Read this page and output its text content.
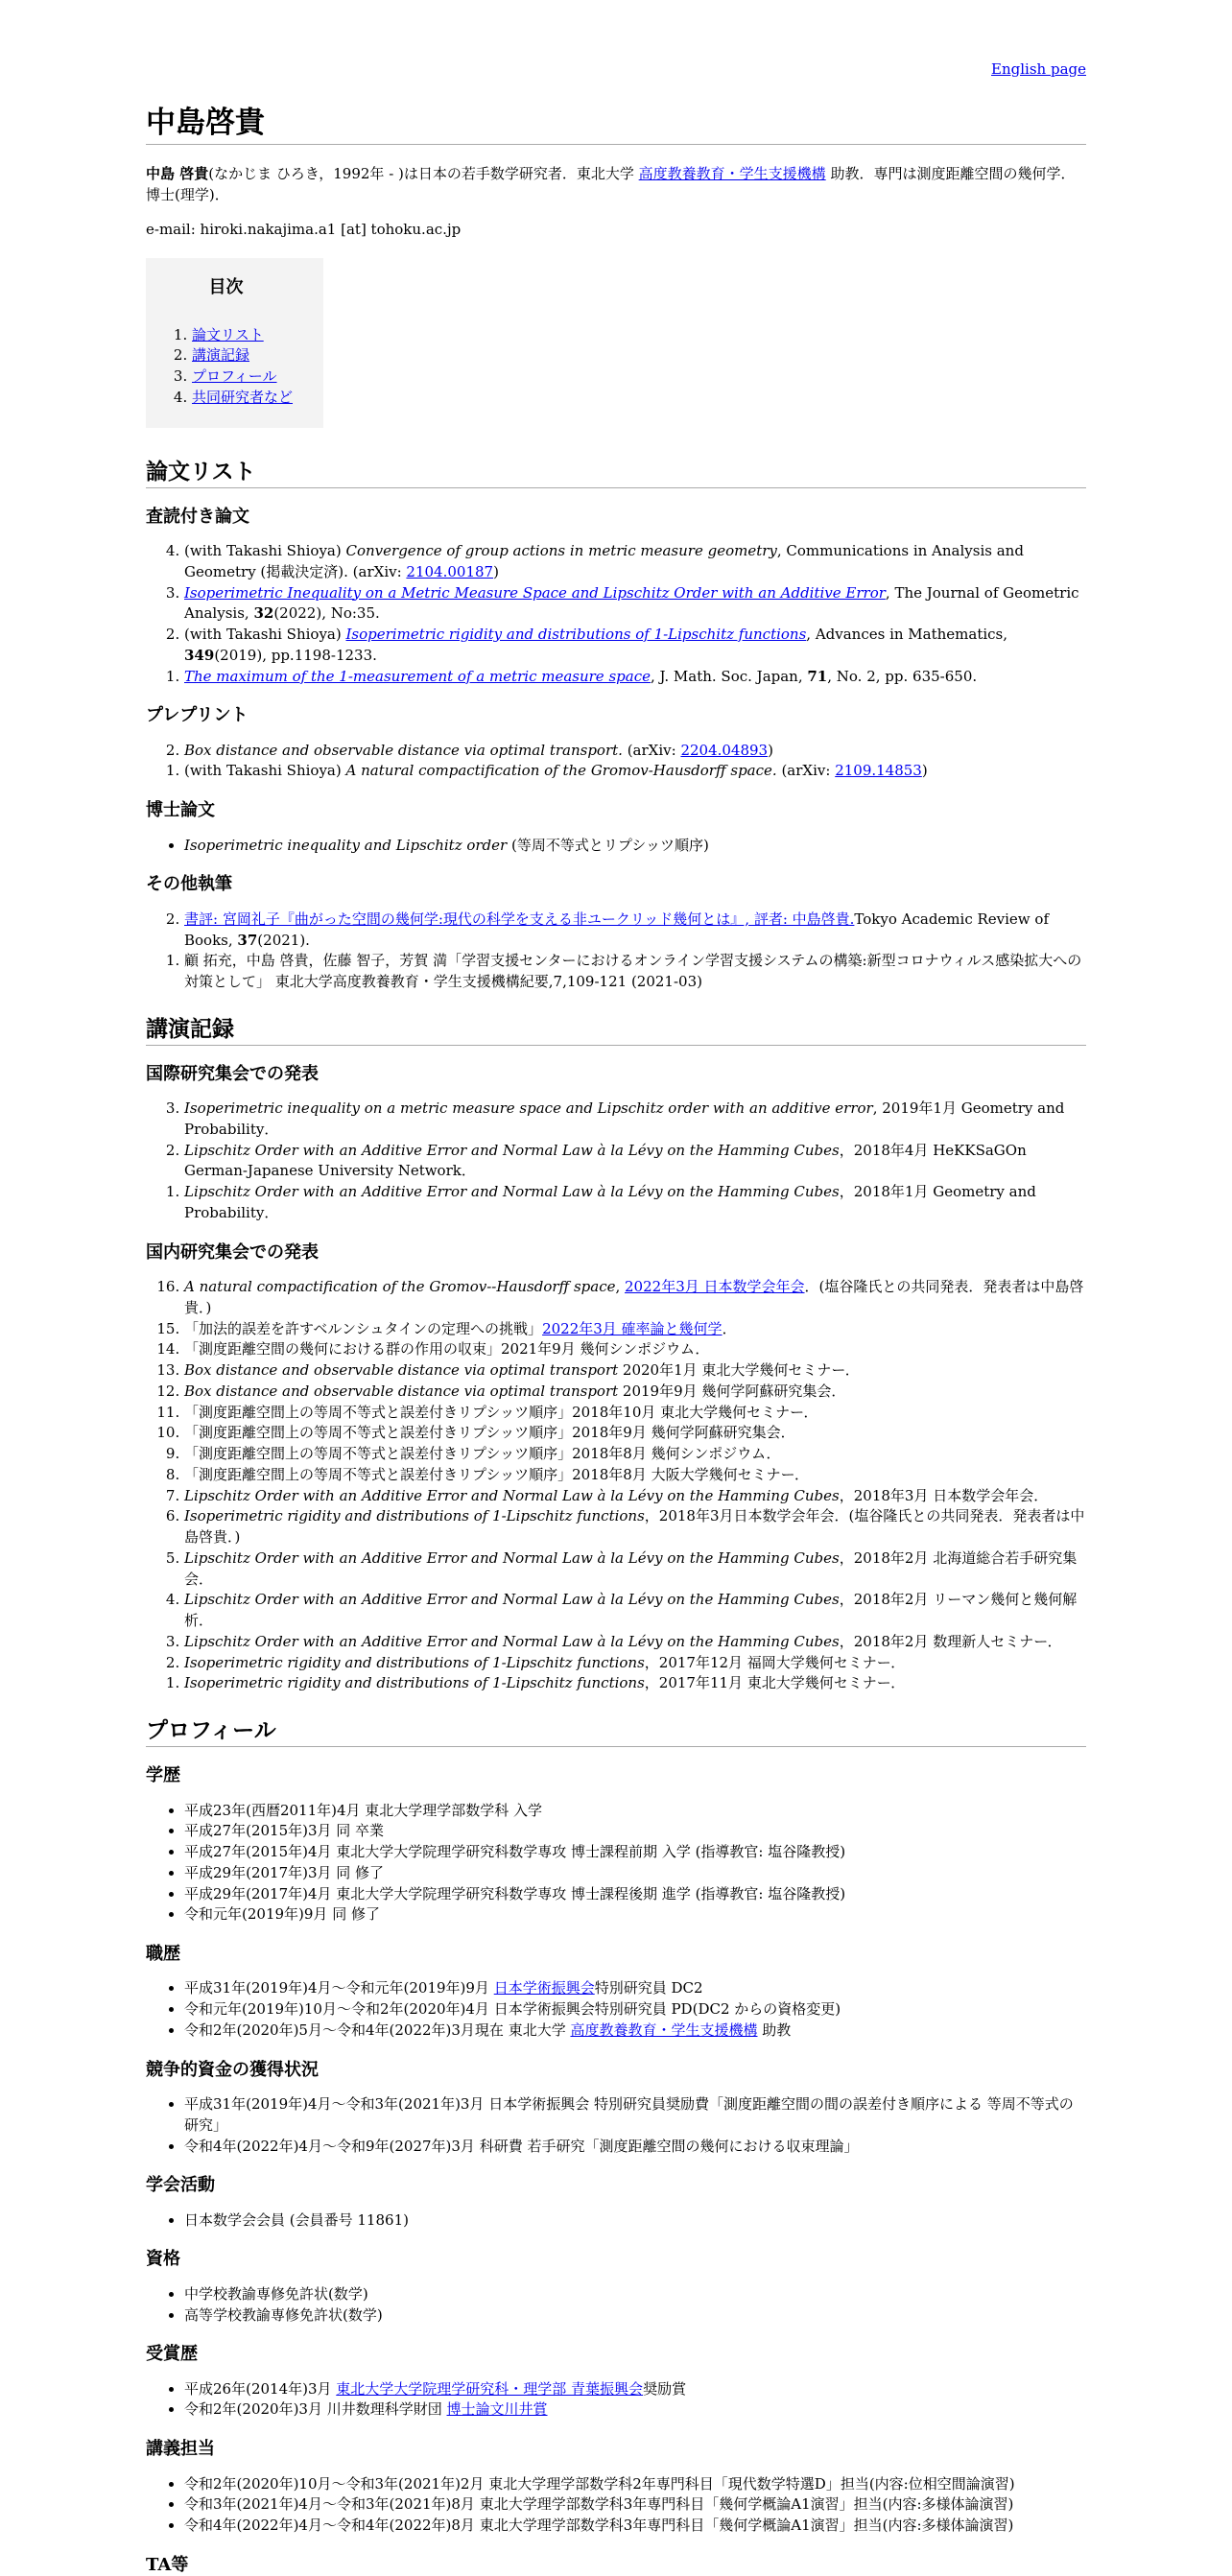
English page
中島啓貴

中島 啓貴(なかじま ひろき，1992年 - )は日本の若手数学研究者．東北大学 高度教養教育・学生支援機構 助教．専門は測度距離空間の幾何学．博士(理学)．

e-mail: hiroki.nakajima.a1 [at] tohoku.ac.jp

目次
1. 論文リスト
2. 講演記録
3. プロフィール
4. 共同研究者など
論文リスト
査読付き論文
4. (with Takashi Shioya) Convergence of group actions in metric measure geometry, Communications in Analysis and Geometry (掲載決定済). (arXiv: 2104.00187)
3. Isoperimetric Inequality on a Metric Measure Space and Lipschitz Order with an Additive Error, The Journal of Geometric Analysis, 32(2022), No:35.
2. (with Takashi Shioya) Isoperimetric rigidity and distributions of 1-Lipschitz functions, Advances in Mathematics, 349(2019), pp.1198-1233.
1. The maximum of the 1-measurement of a metric measure space, J. Math. Soc. Japan, 71, No. 2, pp. 635-650.
プレプリント
2. Box distance and observable distance via optimal transport. (arXiv: 2204.04893)
1. (with Takashi Shioya) A natural compactification of the Gromov-Hausdorff space. (arXiv: 2109.14853)
博士論文
• Isoperimetric inequality and Lipschitz order (等周不等式とリプシッツ順序)
その他執筆
2. 書評: 宮岡礼子『曲がった空間の幾何学:現代の科学を支える非ユークリッド幾何とは』, 評者: 中島啓貴.Tokyo Academic Review of Books, 37(2021).
1. 顧 拓充，中島 啓貴，佐藤 智子，芳賀 満「学習支援センターにおけるオンライン学習支援システムの構築:新型コロナウィルス感染拡大への対策として」 東北大学高度教養教育・学生支援機構紀要,7,109-121 (2021-03)
講演記録
国際研究集会での発表
3. Isoperimetric inequality on a metric measure space and Lipschitz order with an additive error, 2019年1月 Geometry and Probability．
2. Lipschitz Order with an Additive Error and Normal Law à la Lévy on the Hamming Cubes，2018年4月 HeKKSaGOn German-Japanese University Network．
1. Lipschitz Order with an Additive Error and Normal Law à la Lévy on the Hamming Cubes，2018年1月 Geometry and Probability．
国内研究集会での発表
16. A natural compactification of the Gromov--Hausdorff space, 2022年3月 日本数学会年会．(塩谷隆氏との共同発表．発表者は中島啓貴．)
15. 「加法的誤差を許すベルンシュタインの定理への挑戦」2022年3月 確率論と幾何学．
14. 「測度距離空間の幾何における群の作用の収束」2021年9月 幾何シンポジウム．
13. Box distance and observable distance via optimal transport 2020年1月 東北大学幾何セミナー．
12. Box distance and observable distance via optimal transport 2019年9月 幾何学阿蘇研究集会．
11. 「測度距離空間上の等周不等式と誤差付きリプシッツ順序」2018年10月 東北大学幾何セミナー．
10. 「測度距離空間上の等周不等式と誤差付きリプシッツ順序」2018年9月 幾何学阿蘇研究集会．
9. 「測度距離空間上の等周不等式と誤差付きリプシッツ順序」2018年8月 幾何シンポジウム．
8. 「測度距離空間上の等周不等式と誤差付きリプシッツ順序」2018年8月 大阪大学幾何セミナー．
7. Lipschitz Order with an Additive Error and Normal Law à la Lévy on the Hamming Cubes，2018年3月 日本数学会年会．
6. Isoperimetric rigidity and distributions of 1-Lipschitz functions，2018年3月日本数学会年会．(塩谷隆氏との共同発表．発表者は中島啓貴．)
5. Lipschitz Order with an Additive Error and Normal Law à la Lévy on the Hamming Cubes，2018年2月 北海道総合若手研究集会．
4. Lipschitz Order with an Additive Error and Normal Law à la Lévy on the Hamming Cubes，2018年2月 リーマン幾何と幾何解析．
3. Lipschitz Order with an Additive Error and Normal Law à la Lévy on the Hamming Cubes，2018年2月 数理新人セミナー．
2. Isoperimetric rigidity and distributions of 1-Lipschitz functions，2017年12月 福岡大学幾何セミナー．
1. Isoperimetric rigidity and distributions of 1-Lipschitz functions，2017年11月 東北大学幾何セミナー．
プロフィール
学歴
• 平成23年(西暦2011年)4月 東北大学理学部数学科 入学
• 平成27年(2015年)3月 同 卒業
• 平成27年(2015年)4月 東北大学大学院理学研究科数学専攻 博士課程前期 入学 (指導教官: 塩谷隆教授)
• 平成29年(2017年)3月 同 修了
• 平成29年(2017年)4月 東北大学大学院理学研究科数学専攻 博士課程後期 進学 (指導教官: 塩谷隆教授)
• 令和元年(2019年)9月 同 修了
職歴
• 平成31年(2019年)4月〜令和元年(2019年)9月 日本学術振興会特別研究員 DC2
• 令和元年(2019年)10月〜令和2年(2020年)4月 日本学術振興会特別研究員 PD(DC2 からの資格変更)
• 令和2年(2020年)5月～令和4年(2022年)3月現在 東北大学 高度教養教育・学生支援機構 助教
競争的資金の獲得状況
• 平成31年(2019年)4月〜令和3年(2021年)3月 日本学術振興会 特別研究員奨励費「測度距離空間の間の誤差付き順序による 等周不等式の研究」
• 令和4年(2022年)4月〜令和9年(2027年)3月 科研費 若手研究「測度距離空間の幾何における収束理論」
学会活動
• 日本数学会会員 (会員番号 11861)
資格
• 中学校教諭専修免許状(数学)
• 高等学校教諭専修免許状(数学)
受賞歴
• 平成26年(2014年)3月 東北大学大学院理学研究科・理学部 青葉振興会奨励賞
• 令和2年(2020年)3月 川井数理科学財団 博士論文川井賞
講義担当
• 令和2年(2020年)10月〜令和3年(2021年)2月 東北大学理学部数学科2年専門科目「現代数学特選D」担当(内容:位相空間論演習)
• 令和3年(2021年)4月〜令和3年(2021年)8月 東北大学理学部数学科3年専門科目「幾何学概論A1演習」担当(内容:多様体論演習)
• 令和4年(2022年)4月〜令和4年(2022年)8月 東北大学理学部数学科3年専門科目「幾何学概論A1演習」担当(内容:多様体論演習)
TA等
